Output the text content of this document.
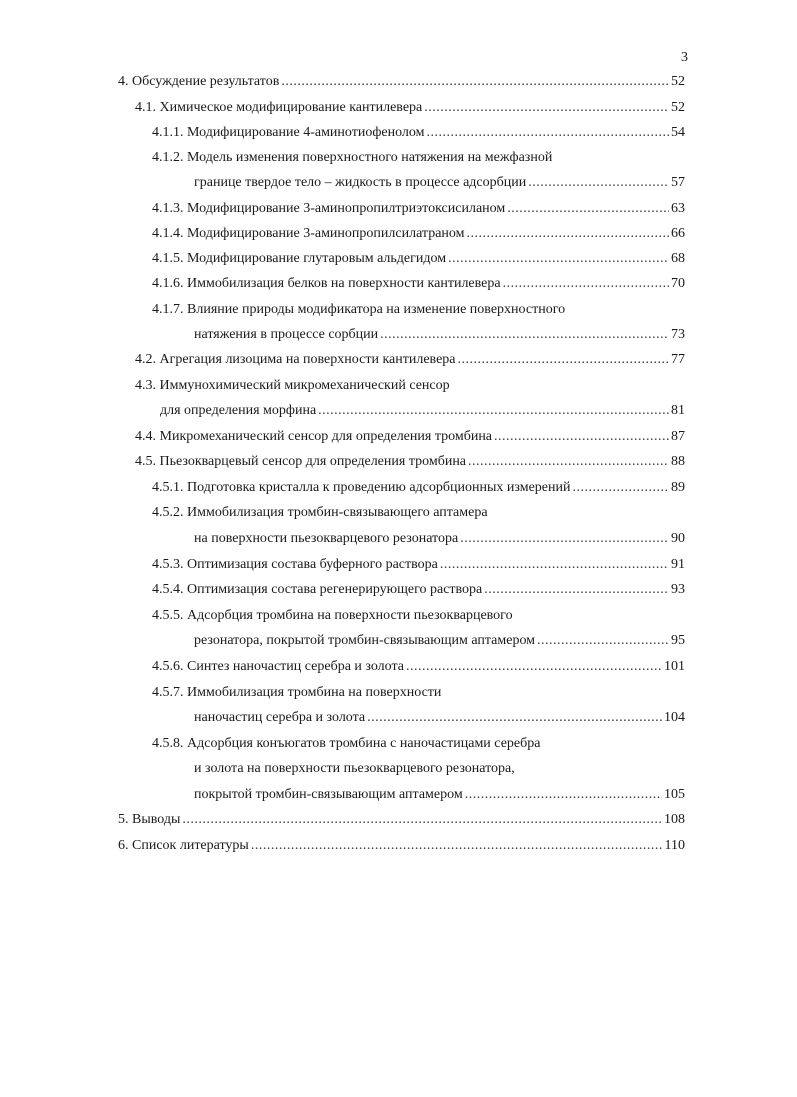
3
4. Обсуждение результатов .....	52
4.1. Химическое модифицирование кантилевера .....	52
4.1.1. Модифицирование 4-аминотиофенолом .....	54
4.1.2. Модель изменения поверхностного натяжения на межфазной
границе твердое тело – жидкость в процессе адсорбции .....	57
4.1.3. Модифицирование 3-аминопропилтриэтоксисиланом .....	63
4.1.4. Модифицирование 3-аминопропилсилатраном .....	66
4.1.5. Модифицирование глутаровым альдегидом .....	68
4.1.6. Иммобилизация белков на поверхности кантилевера .....	70
4.1.7. Влияние природы модификатора на изменение поверхностного
натяжения в процессе сорбции .....	73
4.2. Агрегация лизоцима на поверхности кантилевера .....	77
4.3. Иммунохимический микромеханический сенсор
для определения морфина .....	81
4.4. Микромеханический сенсор для определения тромбина .....	87
4.5. Пьезокварцевый сенсор для определения тромбина .....	88
4.5.1. Подготовка кристалла к проведению адсорбционных измерений .....	89
4.5.2. Иммобилизация тромбин-связывающего аптамера
на поверхности пьезокварцевого резонатора .....	90
4.5.3. Оптимизация состава буферного раствора .....	91
4.5.4. Оптимизация состава регенерирующего раствора .....	93
4.5.5. Адсорбция тромбина на поверхности пьезокварцевого
резонатора, покрытой тромбин-связывающим аптамером .....	95
4.5.6. Синтез наночастиц серебра и золота .....	101
4.5.7. Иммобилизация тромбина на поверхности
наночастиц серебра и золота .....	104
4.5.8. Адсорбция конъюгатов тромбина с наночастицами серебра
и золота на поверхности пьезокварцевого резонатора,
покрытой тромбин-связывающим аптамером .....	105
5. Выводы .....	108
6. Список литературы .....	110
